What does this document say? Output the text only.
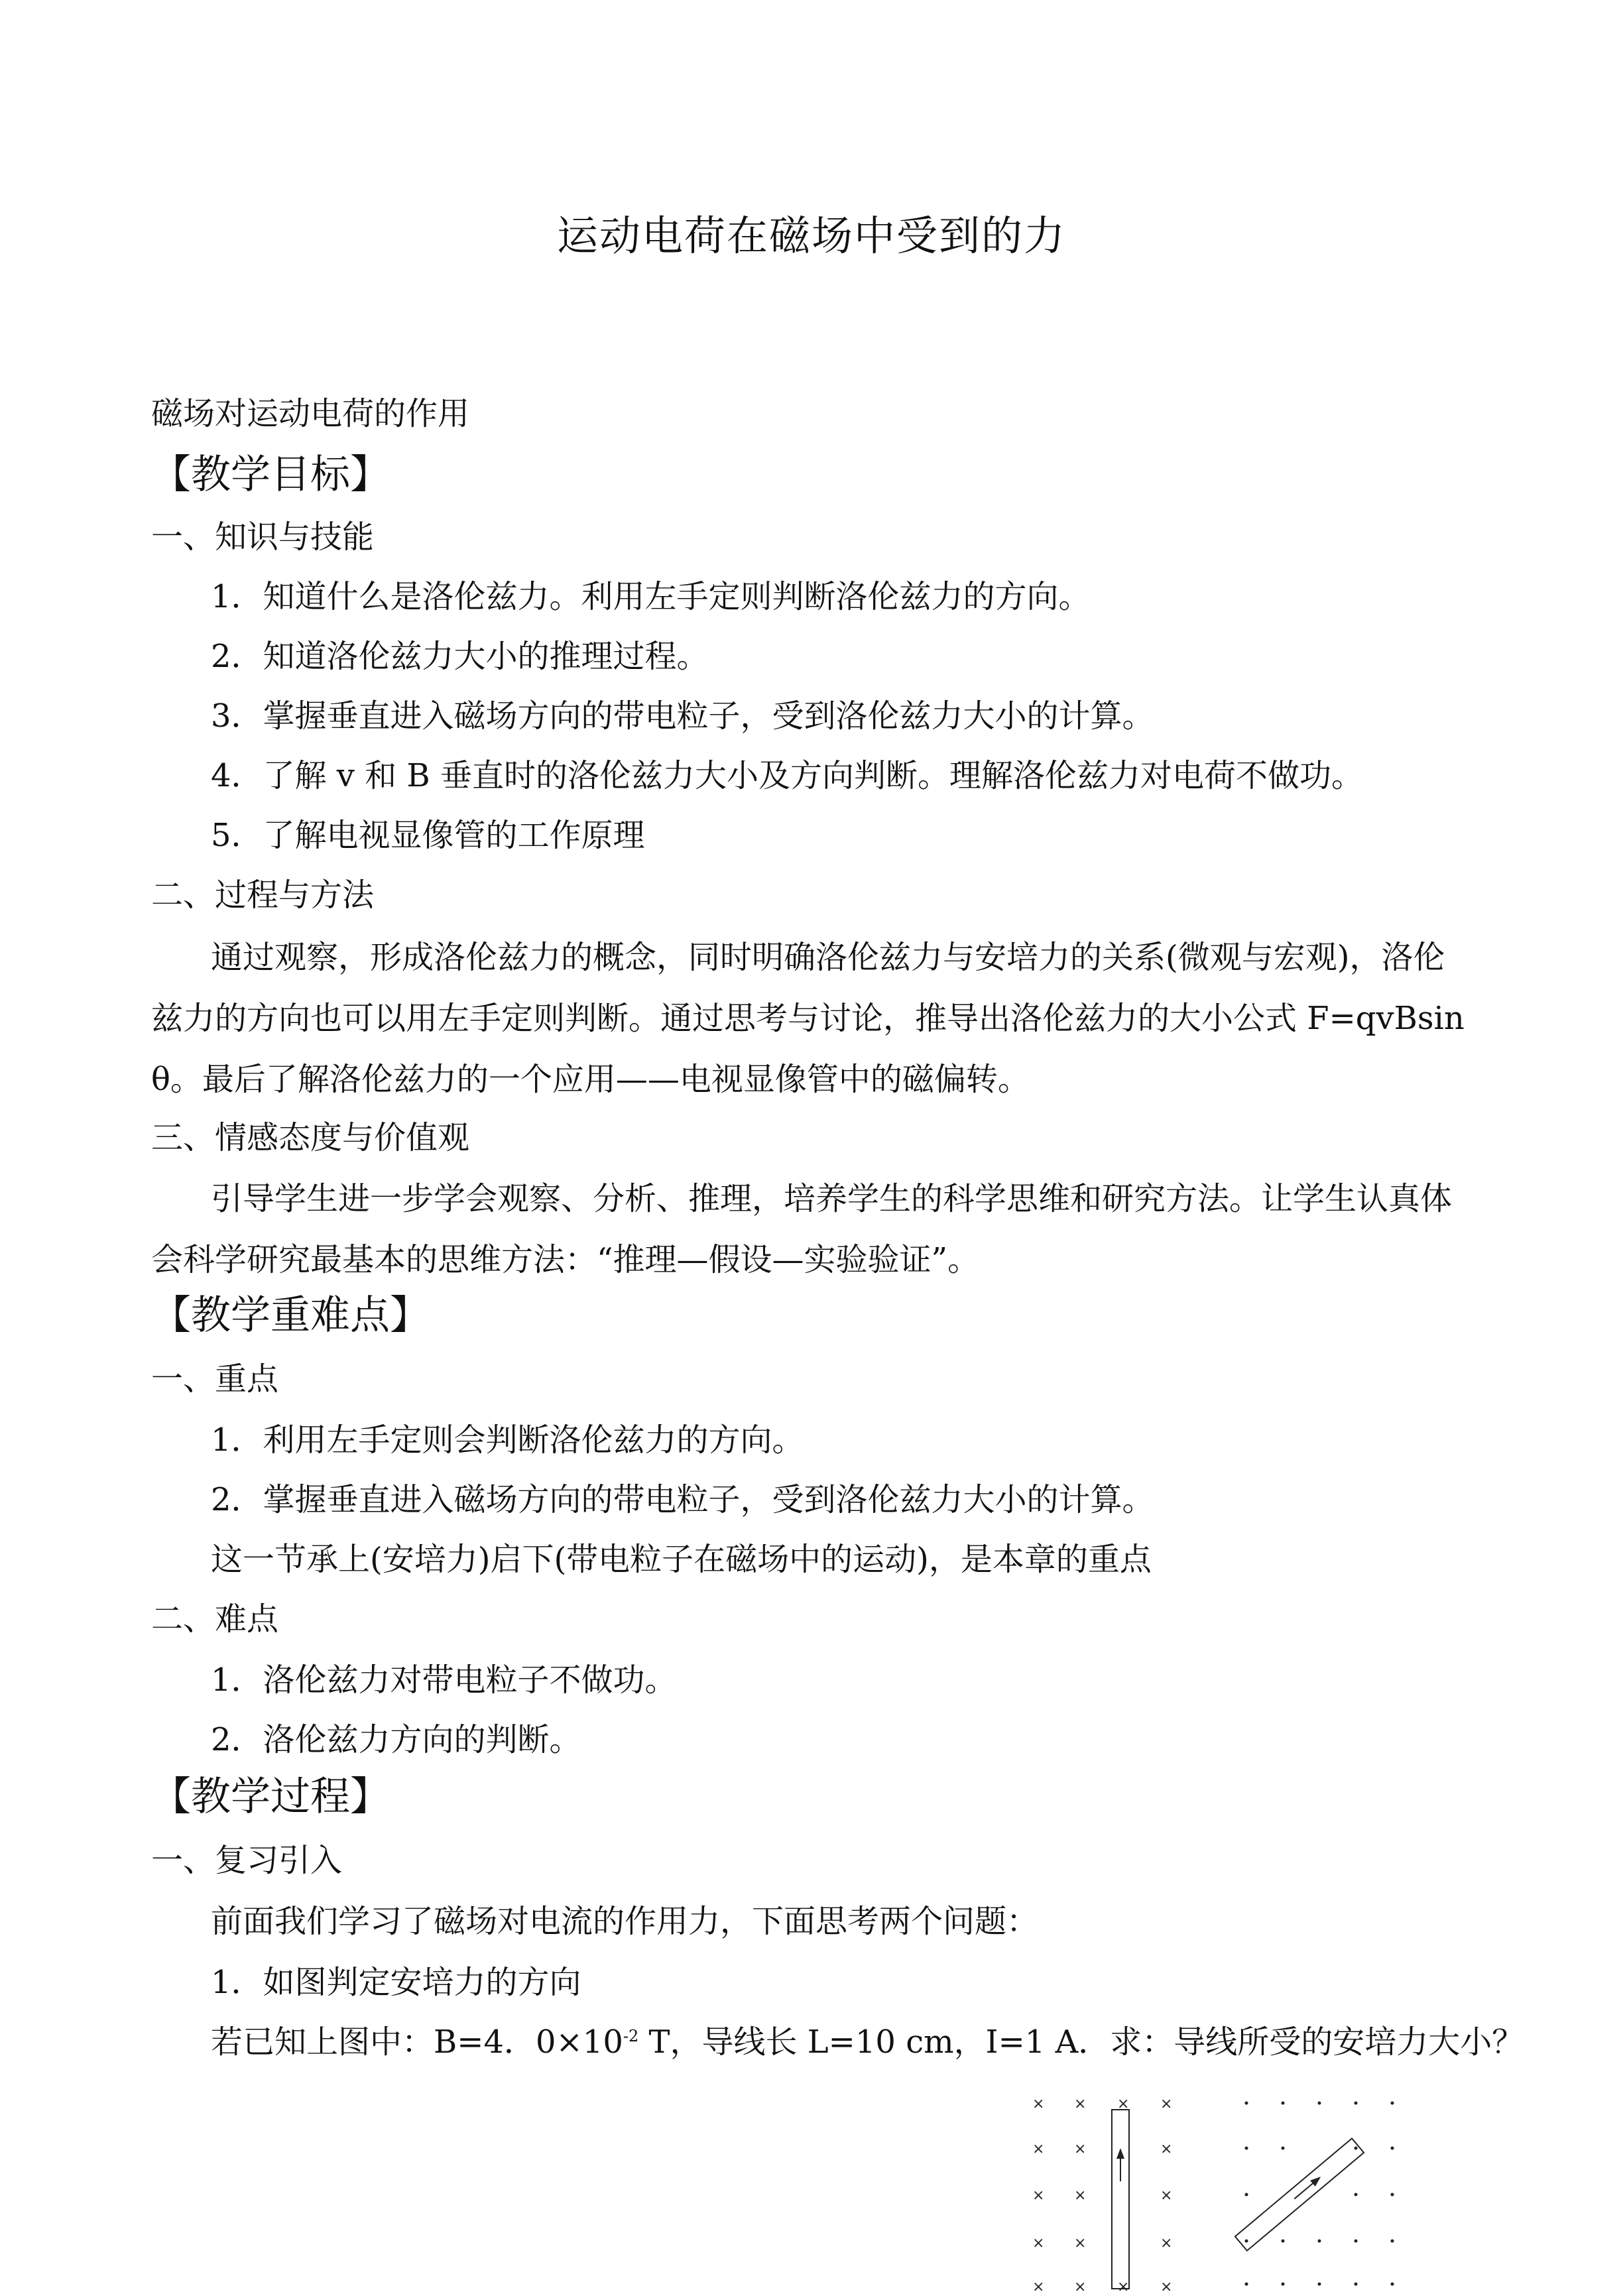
运动电荷在磁场中受到的力
磁场对运动电荷的作用
【教学目标】
一、知识与技能
1．知道什么是洛伦兹力。利用左手定则判断洛伦兹力的方向。
2．知道洛伦兹力大小的推理过程。
3．掌握垂直进入磁场方向的带电粒子，受到洛伦兹力大小的计算。
4．了解 v 和 B 垂直时的洛伦兹力大小及方向判断。理解洛伦兹力对电荷不做功。
5．了解电视显像管的工作原理
二、过程与方法
通过观察，形成洛伦兹力的概念，同时明确洛伦兹力与安培力的关系(微观与宏观)，洛伦
兹力的方向也可以用左手定则判断。通过思考与讨论，推导出洛伦兹力的大小公式 F=qvBsin
θ。最后了解洛伦兹力的一个应用——电视显像管中的磁偏转。
三、情感态度与价值观
引导学生进一步学会观察、分析、推理，培养学生的科学思维和研究方法。让学生认真体
会科学研究最基本的思维方法：“推理—假设—实验验证”。
【教学重难点】
一、重点
1．利用左手定则会判断洛伦兹力的方向。
2．掌握垂直进入磁场方向的带电粒子，受到洛伦兹力大小的计算。
这一节承上(安培力)启下(带电粒子在磁场中的运动)，是本章的重点
二、难点
1．洛伦兹力对带电粒子不做功。
2．洛伦兹力方向的判断。
【教学过程】
一、复习引入
前面我们学习了磁场对电流的作用力，下面思考两个问题：
1．如图判定安培力的方向
若已知上图中：B=4．$0\times 10^{-2}$ T，导线长 L=10 cm，I=1 A．求：导线所受的安培力大小？
× × × ×
× ×	×
× ×	×
× ×	×
× × × ×
